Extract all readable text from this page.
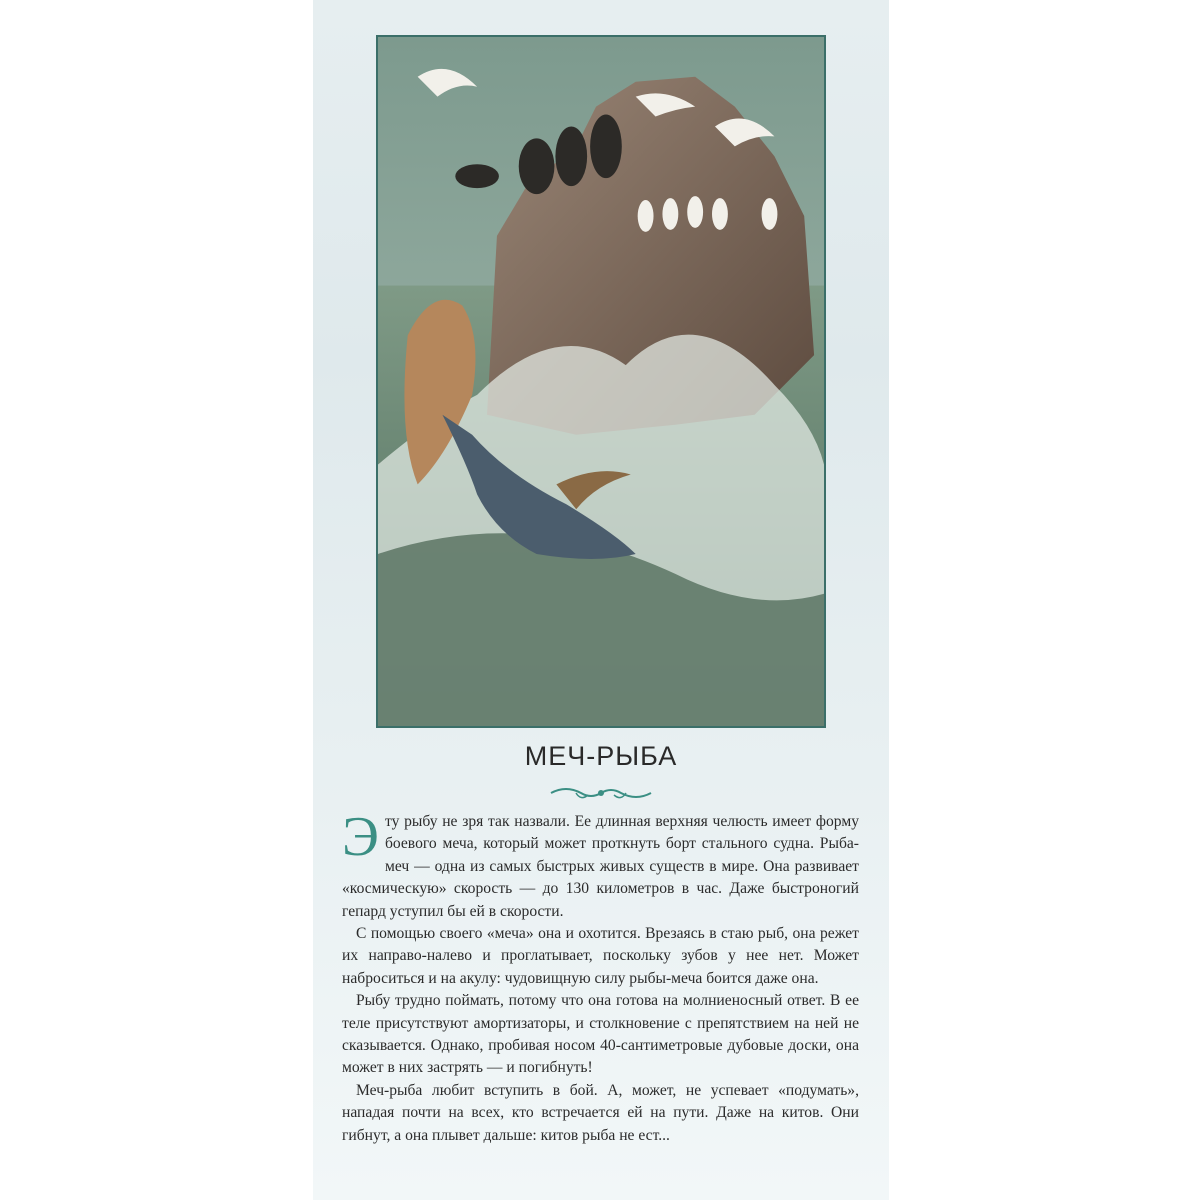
МЕЧ-РЫБА

Эту рыбу не зря так назвали. Ее длинная верхняя челюсть имеет форму боевого меча, который может проткнуть борт стального судна. Рыба-меч — одна из самых быстрых живых существ в мире. Она развивает «космическую» скорость — до 130 километров в час. Даже быстроногий гепард уступил бы ей в скорости.

С помощью своего «меча» она и охотится. Врезаясь в стаю рыб, она режет их направо-налево и проглатывает, поскольку зубов у нее нет. Может наброситься и на акулу: чудовищную силу рыбы-меча боится даже она.

Рыбу трудно поймать, потому что она готова на молниеносный ответ. В ее теле присутствуют амортизаторы, и столкновение с препятствием на ней не сказывается. Однако, пробивая носом 40-сантиметровые дубовые доски, она может в них застрять — и погибнуть!

Меч-рыба любит вступить в бой. А, может, не успевает «подумать», нападая почти на всех, кто встречается ей на пути. Даже на китов. Они гибнут, а она плывет дальше: китов рыба не ест...
